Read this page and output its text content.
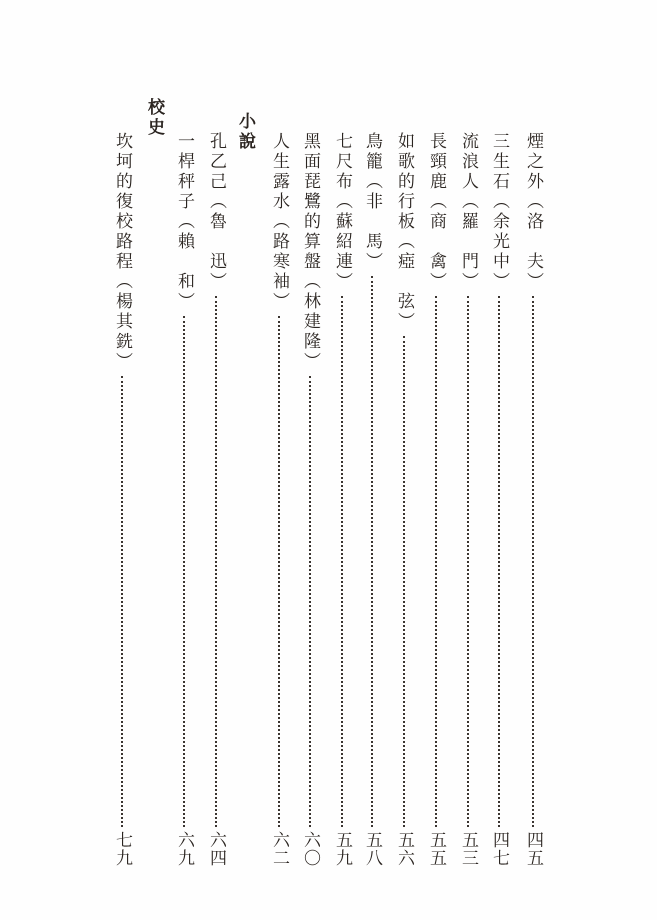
煙之外
（洛　夫）
四五
三生石
（余光中）
四七
流浪人
（羅　門）
五三
長頸鹿
（商　禽）
五五
如歌的行板
（瘂　弦）
五六
鳥籠
（非　馬）
五八
七尺布
（蘇紹連）
五九
黑面琵鷺的算盤
（林建隆）
六〇
人生露水
（路寒袖）
六二
小說
孔乙己
（魯　迅）
六四
一桿秤子
（賴　和）
六九
校史
坎坷的復校路程
（楊其銑）
七九
